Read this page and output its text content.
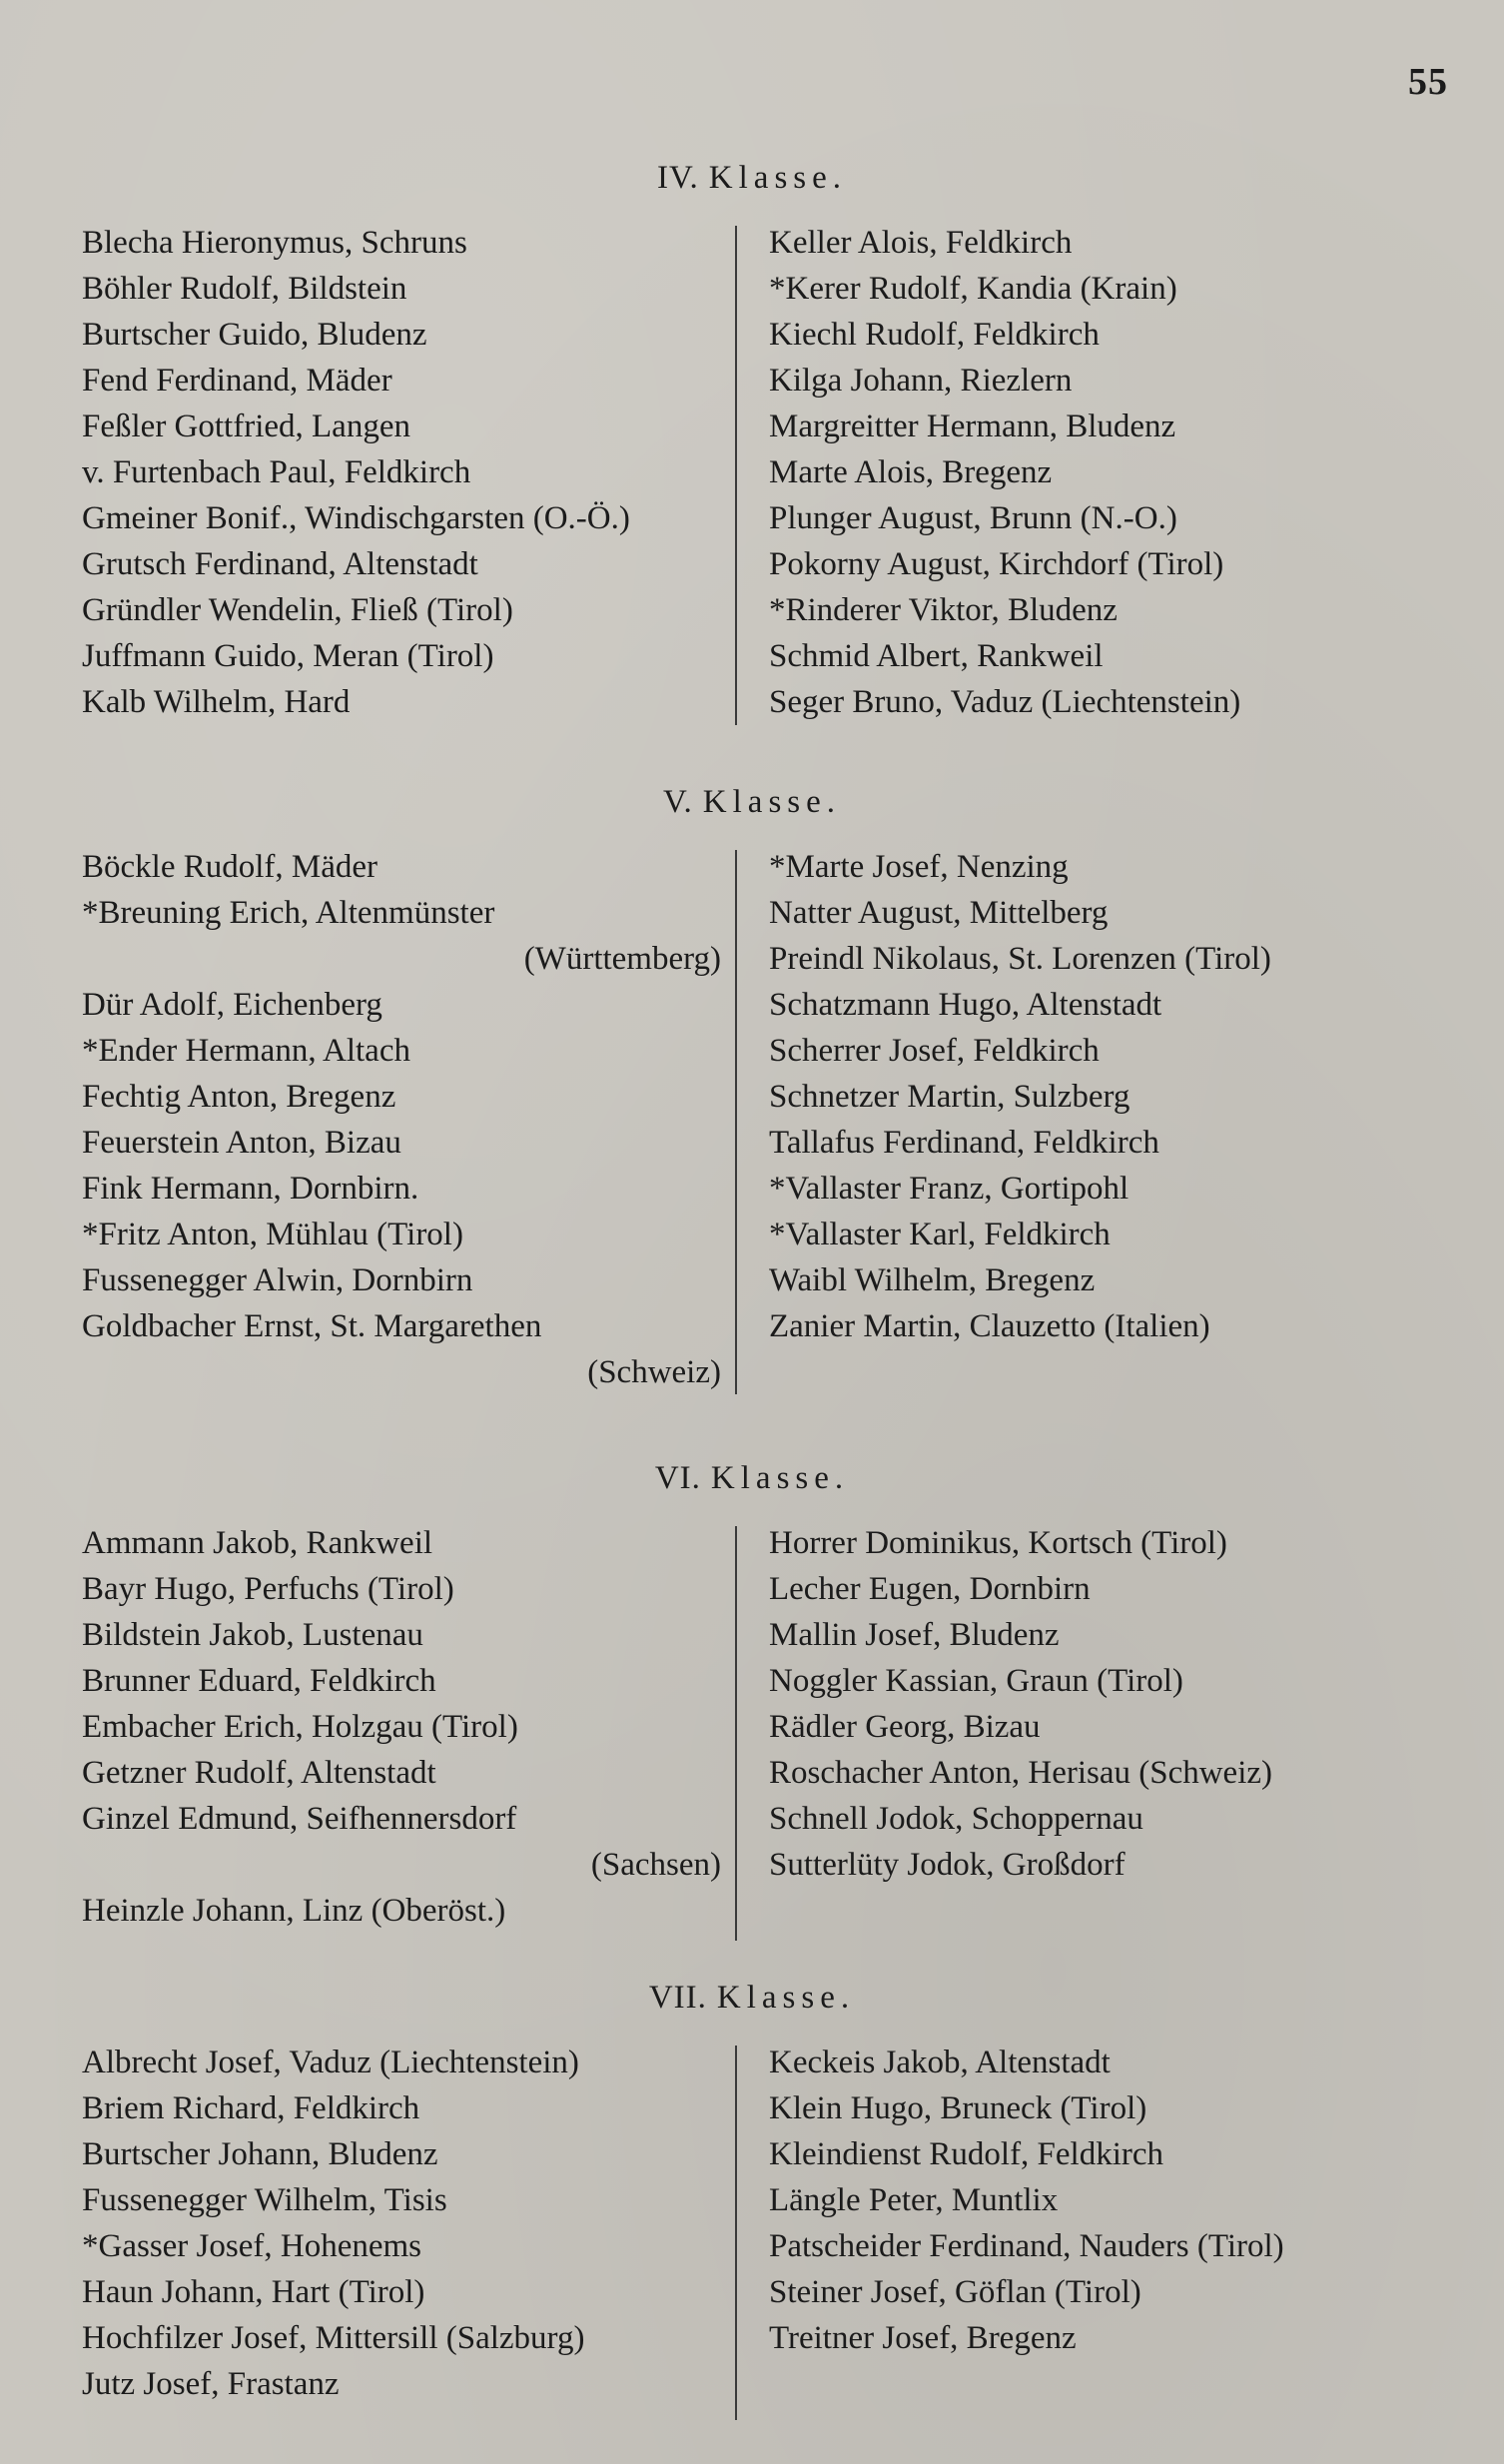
55
IV. Klasse.
Blecha Hieronymus, Schruns
Böhler Rudolf, Bildstein
Burtscher Guido, Bludenz
Fend Ferdinand, Mäder
Feßler Gottfried, Langen
v. Furtenbach Paul, Feldkirch
Gmeiner Bonif., Windischgarsten (O.-Ö.)
Grutsch Ferdinand, Altenstadt
Gründler Wendelin, Fließ (Tirol)
Juffmann Guido, Meran (Tirol)
Kalb Wilhelm, Hard
Keller Alois, Feldkirch
*Kerer Rudolf, Kandia (Krain)
Kiechl Rudolf, Feldkirch
Kilga Johann, Riezlern
Margreitter Hermann, Bludenz
Marte Alois, Bregenz
Plunger August, Brunn (N.-O.)
Pokorny August, Kirchdorf (Tirol)
*Rinderer Viktor, Bludenz
Schmid Albert, Rankweil
Seger Bruno, Vaduz (Liechtenstein)
V. Klasse.
Böckle Rudolf, Mäder
*Breuning Erich, Altenmünster
(Württemberg)
Dür Adolf, Eichenberg
*Ender Hermann, Altach
Fechtig Anton, Bregenz
Feuerstein Anton, Bizau
Fink Hermann, Dornbirn.
*Fritz Anton, Mühlau (Tirol)
Fussenegger Alwin, Dornbirn
Goldbacher Ernst, St. Margarethen
(Schweiz)
*Marte Josef, Nenzing
Natter August, Mittelberg
Preindl Nikolaus, St. Lorenzen (Tirol)
Schatzmann Hugo, Altenstadt
Scherrer Josef, Feldkirch
Schnetzer Martin, Sulzberg
Tallafus Ferdinand, Feldkirch
*Vallaster Franz, Gortipohl
*Vallaster Karl, Feldkirch
Waibl Wilhelm, Bregenz
Zanier Martin, Clauzetto (Italien)
VI. Klasse.
Ammann Jakob, Rankweil
Bayr Hugo, Perfuchs (Tirol)
Bildstein Jakob, Lustenau
Brunner Eduard, Feldkirch
Embacher Erich, Holzgau (Tirol)
Getzner Rudolf, Altenstadt
Ginzel Edmund, Seifhennersdorf
(Sachsen)
Heinzle Johann, Linz (Oberöst.)
Horrer Dominikus, Kortsch (Tirol)
Lecher Eugen, Dornbirn
Mallin Josef, Bludenz
Noggler Kassian, Graun (Tirol)
Rädler Georg, Bizau
Roschacher Anton, Herisau (Schweiz)
Schnell Jodok, Schoppernau
Sutterlüty Jodok, Großdorf
VII. Klasse.
Albrecht Josef, Vaduz (Liechtenstein)
Briem Richard, Feldkirch
Burtscher Johann, Bludenz
Fussenegger Wilhelm, Tisis
*Gasser Josef, Hohenems
Haun Johann, Hart (Tirol)
Hochfilzer Josef, Mittersill (Salzburg)
Jutz Josef, Frastanz
Keckeis Jakob, Altenstadt
Klein Hugo, Bruneck (Tirol)
Kleindienst Rudolf, Feldkirch
Längle Peter, Muntlix
Patscheider Ferdinand, Nauders (Tirol)
Steiner Josef, Göflan (Tirol)
Treitner Josef, Bregenz
